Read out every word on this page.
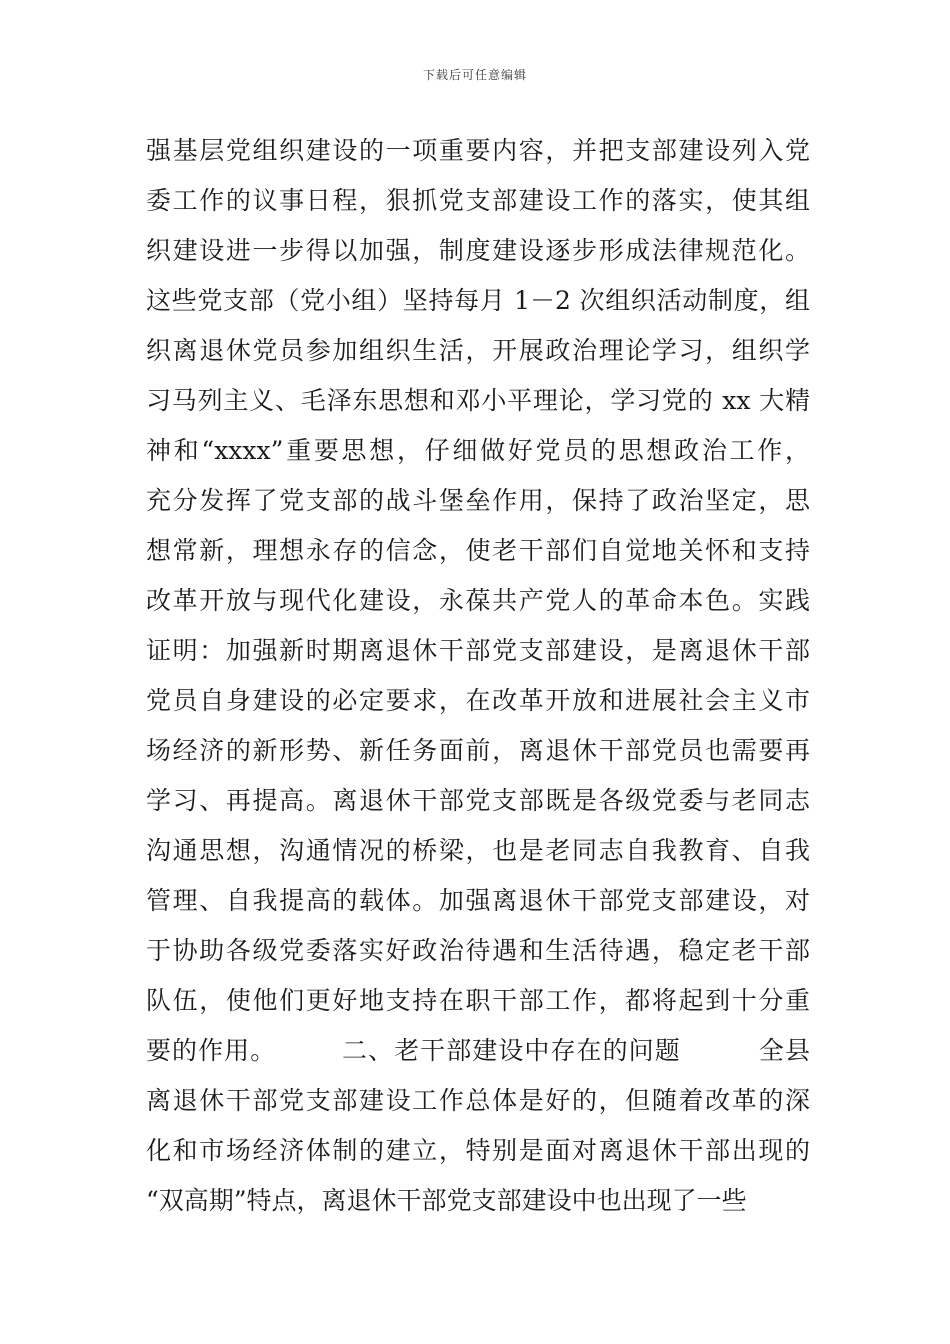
下载后可任意编辑
强基层党组织建设的一项重要内容，并把支部建设列入党
委工作的议事日程，狠抓党支部建设工作的落实，使其组
织建设进一步得以加强，制度建设逐步形成法律规范化。
这些党支部（党小组）坚持每月 1－2 次组织活动制度，组
织离退休党员参加组织生活，开展政治理论学习，组织学
习马列主义、毛泽东思想和邓小平理论，学习党的 xx 大精
神和“xxxx”重要思想，仔细做好党员的思想政治工作，
充分发挥了党支部的战斗堡垒作用，保持了政治坚定，思
想常新，理想永存的信念，使老干部们自觉地关怀和支持
改革开放与现代化建设，永葆共产党人的革命本色。实践
证明：加强新时期离退休干部党支部建设，是离退休干部
党员自身建设的必定要求，在改革开放和进展社会主义市
场经济的新形势、新任务面前，离退休干部党员也需要再
学习、再提高。离退休干部党支部既是各级党委与老同志
沟通思想，沟通情况的桥梁，也是老同志自我教育、自我
管理、自我提高的载体。加强离退休干部党支部建设，对
于协助各级党委落实好政治待遇和生活待遇，稳定老干部
队伍，使他们更好地支持在职干部工作，都将起到十分重
要的作用。　　　二、老干部建设中存在的问题　　　全县
离退休干部党支部建设工作总体是好的，但随着改革的深
化和市场经济体制的建立，特别是面对离退休干部出现的
“双高期”特点，离退休干部党支部建设中也出现了一些
